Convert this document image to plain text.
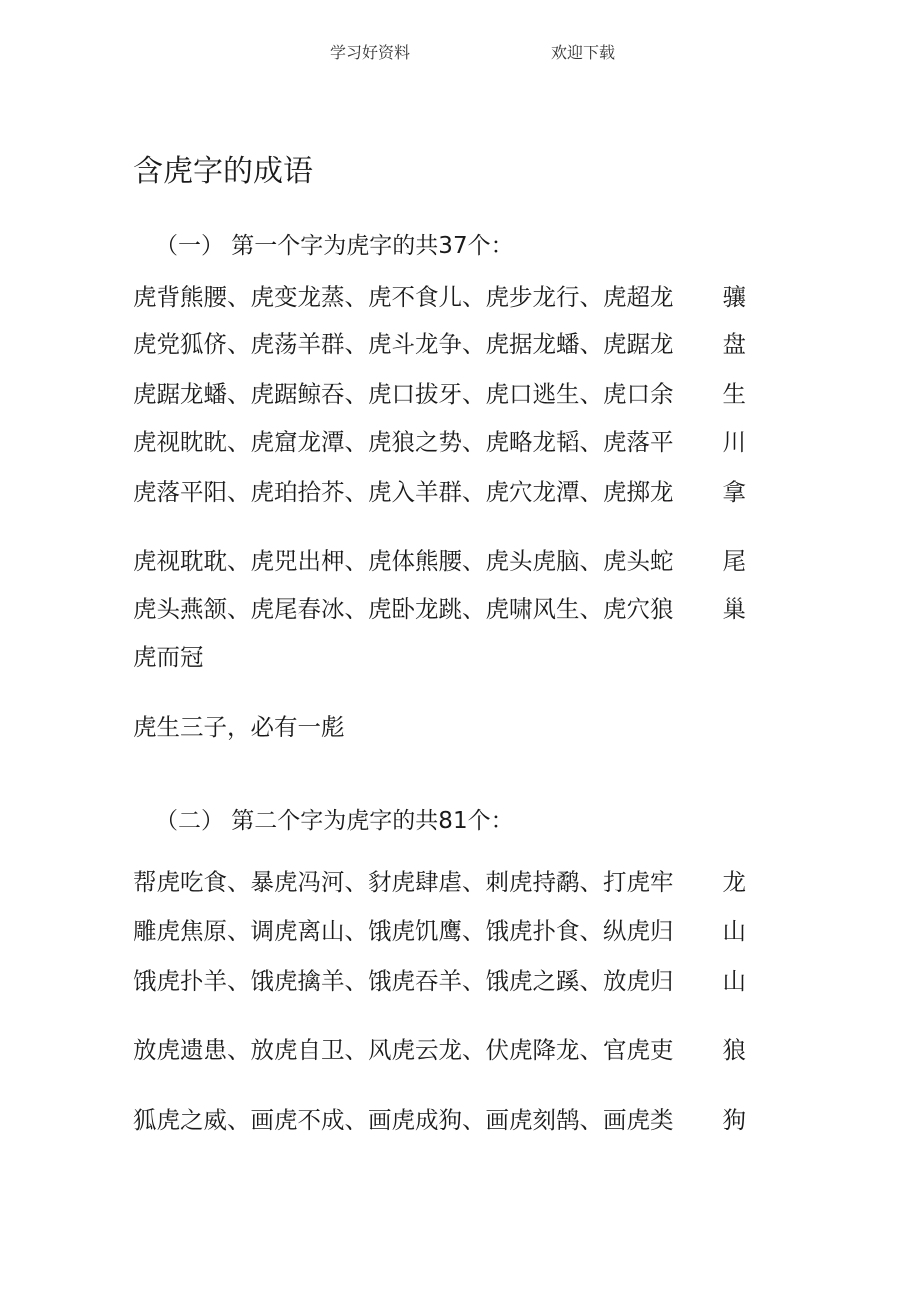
学习好资料	欢迎下载
含虎字的成语
（一） 第一个字为虎字的共37个：
虎背熊腰、虎变龙蒸、虎不食儿、虎步龙行、虎超龙 骧
虎党狐侪、虎荡羊群、虎斗龙争、虎据龙蟠、虎踞龙 盘
虎踞龙蟠、虎踞鲸吞、虎口拔牙、虎口逃生、虎口余 生
虎视眈眈、虎窟龙潭、虎狼之势、虎略龙韬、虎落平 川
虎落平阳、虎珀拾芥、虎入羊群、虎穴龙潭、虎掷龙 拿
虎视耽耽、虎兕出柙、虎体熊腰、虎头虎脑、虎头蛇 尾
虎头燕颔、虎尾春冰、虎卧龙跳、虎啸风生、虎穴狼 巢
虎而冠
虎生三子，必有一彪
（二） 第二个字为虎字的共81个：
帮虎吃食、暴虎冯河、豺虎肆虐、刺虎持鹬、打虎牢 龙
雕虎焦原、调虎离山、饿虎饥鹰、饿虎扑食、纵虎归 山
饿虎扑羊、饿虎擒羊、饿虎吞羊、饿虎之蹊、放虎归 山
放虎遗患、放虎自卫、风虎云龙、伏虎降龙、官虎吏 狼
狐虎之威、画虎不成、画虎成狗、画虎刻鹄、画虎类 狗
